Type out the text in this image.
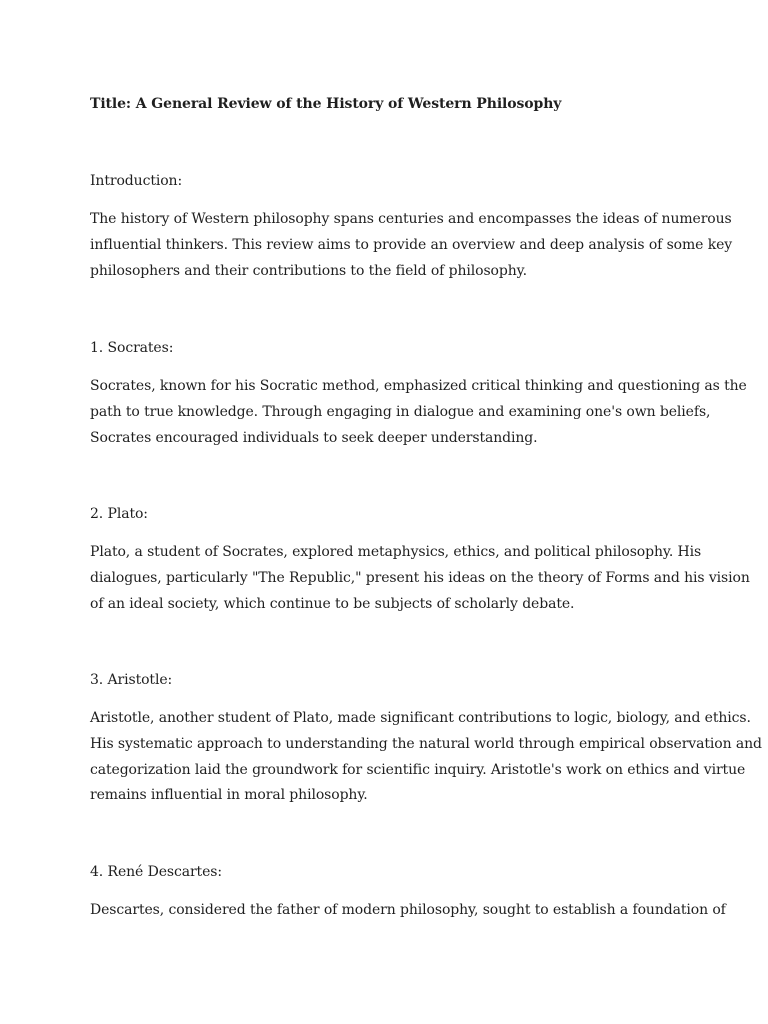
Title: A General Review of the History of Western Philosophy
Introduction:
The history of Western philosophy spans centuries and encompasses the ideas of numerous
influential thinkers. This review aims to provide an overview and deep analysis of some key
philosophers and their contributions to the field of philosophy.
1. Socrates:
Socrates, known for his Socratic method, emphasized critical thinking and questioning as the
path to true knowledge. Through engaging in dialogue and examining one's own beliefs,
Socrates encouraged individuals to seek deeper understanding.
2. Plato:
Plato, a student of Socrates, explored metaphysics, ethics, and political philosophy. His
dialogues, particularly "The Republic," present his ideas on the theory of Forms and his vision
of an ideal society, which continue to be subjects of scholarly debate.
3. Aristotle:
Aristotle, another student of Plato, made significant contributions to logic, biology, and ethics.
His systematic approach to understanding the natural world through empirical observation and
categorization laid the groundwork for scientific inquiry. Aristotle's work on ethics and virtue
remains influential in moral philosophy.
4. René Descartes:
Descartes, considered the father of modern philosophy, sought to establish a foundation of
